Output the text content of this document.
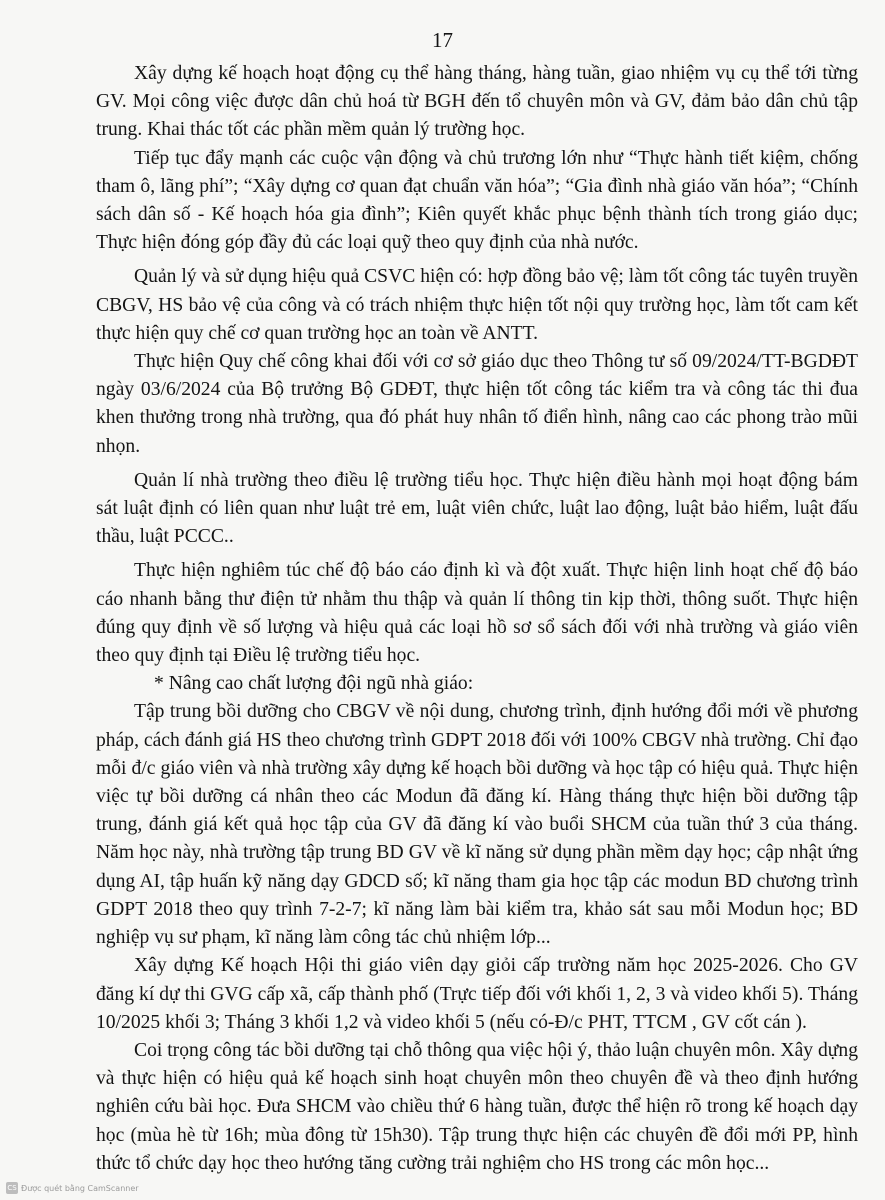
17

Xây dựng kế hoạch hoạt động cụ thể hàng tháng, hàng tuần, giao nhiệm vụ cụ thể tới từng GV. Mọi công việc được dân chủ hoá từ BGH đến tổ chuyên môn và GV, đảm bảo dân chủ tập trung. Khai thác tốt các phần mềm quản lý trường học.

Tiếp tục đẩy mạnh các cuộc vận động và chủ trương lớn như “Thực hành tiết kiệm, chống tham ô, lãng phí”; “Xây dựng cơ quan đạt chuẩn văn hóa”; “Gia đình nhà giáo văn hóa”; “Chính sách dân số - Kế hoạch hóa gia đình”; Kiên quyết khắc phục bệnh thành tích trong giáo dục; Thực hiện đóng góp đầy đủ các loại quỹ theo quy định của nhà nước.

Quản lý và sử dụng hiệu quả CSVC hiện có: hợp đồng bảo vệ; làm tốt công tác tuyên truyền CBGV, HS bảo vệ của công và có trách nhiệm thực hiện tốt nội quy trường học, làm tốt cam kết thực hiện quy chế cơ quan trường học an toàn về ANTT.

Thực hiện Quy chế công khai đối với cơ sở giáo dục theo Thông tư số 09/2024/TT-BGDĐT ngày 03/6/2024 của Bộ trưởng Bộ GDĐT, thực hiện tốt công tác kiểm tra và công tác thi đua khen thưởng trong nhà trường, qua đó phát huy nhân tố điển hình, nâng cao các phong trào mũi nhọn.

Quản lí nhà trường theo điều lệ trường tiểu học. Thực hiện điều hành mọi hoạt động bám sát luật định có liên quan như luật trẻ em, luật viên chức, luật lao động, luật bảo hiểm, luật đấu thầu, luật PCCC..

Thực hiện nghiêm túc chế độ báo cáo định kì và đột xuất. Thực hiện linh hoạt chế độ báo cáo nhanh bằng thư điện tử nhằm thu thập và quản lí thông tin kịp thời, thông suốt. Thực hiện đúng quy định về số lượng và hiệu quả các loại hồ sơ sổ sách đối với nhà trường và giáo viên theo quy định tại Điều lệ trường tiểu học.

* Nâng cao chất lượng đội ngũ nhà giáo:

Tập trung bồi dưỡng cho CBGV về nội dung, chương trình, định hướng đổi mới về phương pháp, cách đánh giá HS theo chương trình GDPT 2018 đối với 100% CBGV nhà trường. Chỉ đạo mỗi đ/c giáo viên và nhà trường xây dựng kế hoạch bồi dưỡng và học tập có hiệu quả. Thực hiện việc tự bồi dưỡng cá nhân theo các Modun đã đăng kí. Hàng tháng thực hiện bồi dưỡng tập trung, đánh giá kết quả học tập của GV đã đăng kí vào buổi SHCM của tuần thứ 3 của tháng. Năm học này, nhà trường tập trung BD GV về kĩ năng sử dụng phần mềm dạy học; cập nhật ứng dụng AI, tập huấn kỹ năng dạy GDCD số; kĩ năng tham gia học tập các modun BD chương trình GDPT 2018 theo quy trình 7-2-7; kĩ năng làm bài kiểm tra, khảo sát sau mỗi Modun học; BD nghiệp vụ sư phạm, kĩ năng làm công tác chủ nhiệm lớp...

Xây dựng Kế hoạch Hội thi giáo viên dạy giỏi cấp trường năm học 2025-2026. Cho GV đăng kí dự thi GVG cấp xã, cấp thành phố (Trực tiếp đối với khối 1, 2, 3 và video khối 5). Tháng 10/2025 khối 3; Tháng 3 khối 1,2 và video khối 5 (nếu có-Đ/c PHT, TTCM , GV cốt cán ).

Coi trọng công tác bồi dưỡng tại chỗ thông qua việc hội ý, thảo luận chuyên môn. Xây dựng và thực hiện có hiệu quả kế hoạch sinh hoạt chuyên môn theo chuyên đề và theo định hướng nghiên cứu bài học. Đưa SHCM vào chiều thứ 6 hàng tuần, được thể hiện rõ trong kế hoạch dạy học (mùa hè từ 16h; mùa đông từ 15h30). Tập trung thực hiện các chuyên đề đổi mới PP, hình thức tổ chức dạy học theo hướng tăng cường trải nghiệm cho HS trong các môn học...

CS Được quét bằng CamScanner
